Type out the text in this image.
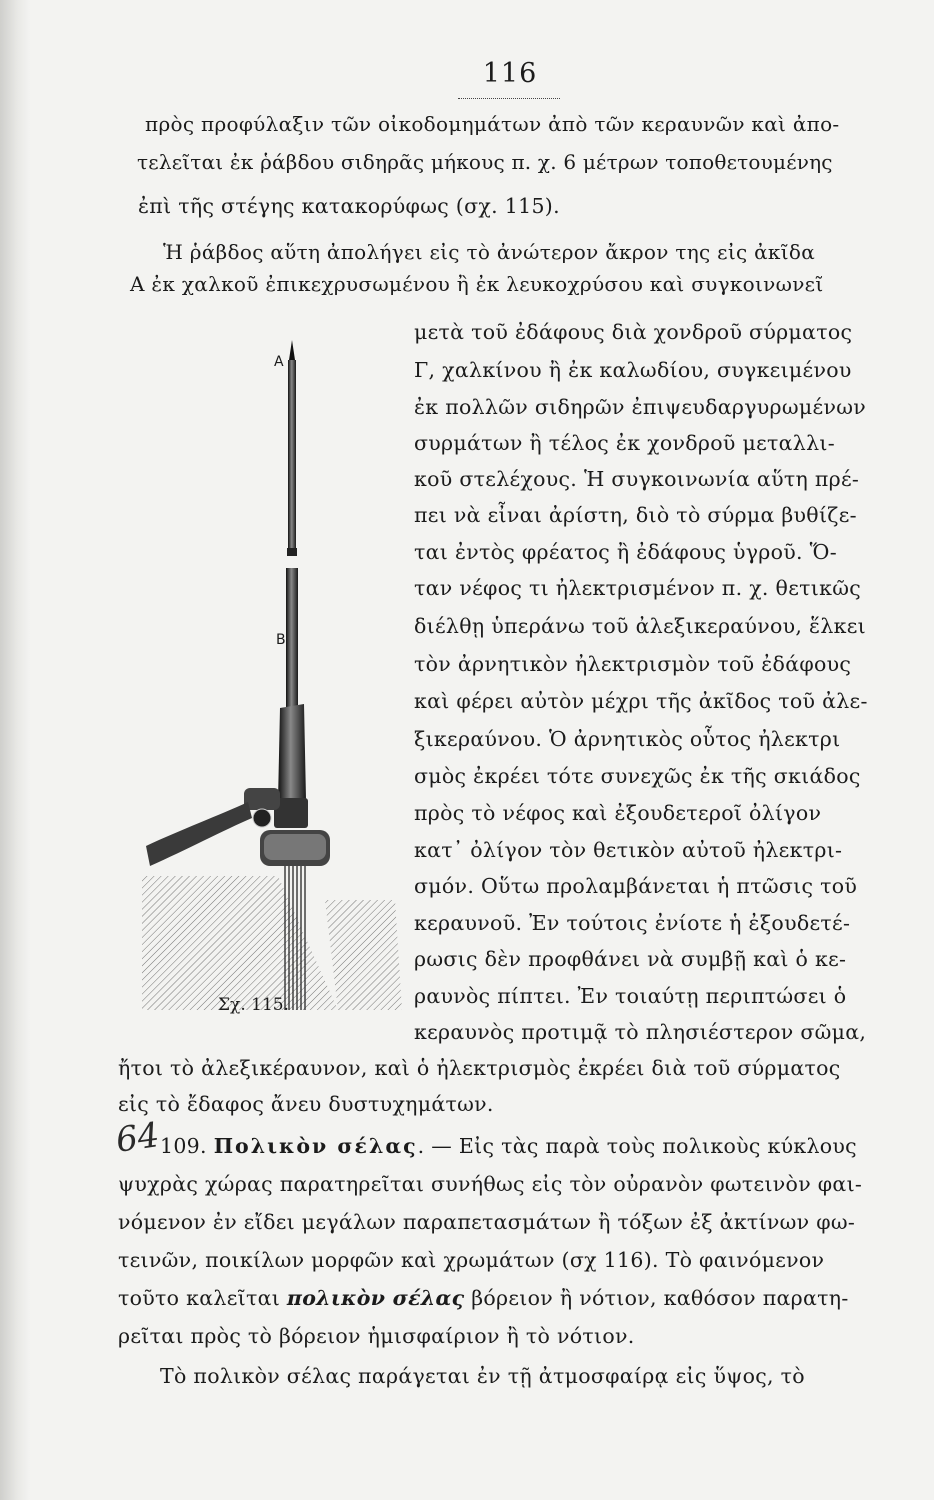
116
πρὸς προφύλαξιν τῶν οἰκοδομημάτων ἀπὸ τῶν κεραυνῶν καὶ ἀπο-
τελεῖται ἐκ ῥάβδου σιδηρᾶς μήκους π. χ. 6 μέτρων τοποθετουμένης
ἐπὶ τῆς στέγης κατακορύφως (σχ. 115).
Ἡ ῥάβδος αὕτη ἀπολήγει εἰς τὸ ἀνώτερον ἄκρον της εἰς ἀκῖδα
Α ἐκ χαλκοῦ ἐπικεχρυσωμένου ἢ ἐκ λευκοχρύσου καὶ συγκοινωνεῖ
A
B
Σχ. 115.
μετὰ τοῦ ἐδάφους διὰ χονδροῦ σύρματος
Γ, χαλκίνου ἢ ἐκ καλωδίου, συγκειμένου
ἐκ πολλῶν σιδηρῶν ἐπιψευδαργυρωμένων
συρμάτων ἢ τέλος ἐκ χονδροῦ μεταλλι-
κοῦ στελέχους. Ἡ συγκοινωνία αὕτη πρέ-
πει νὰ εἶναι ἀρίστη, διὸ τὸ σύρμα βυθίζε-
ται ἐντὸς φρέατος ἢ ἐδάφους ὑγροῦ. Ὅ-
ταν νέφος τι ἠλεκτρισμένον π. χ. θετικῶς
διέλθῃ ὑπεράνω τοῦ ἀλεξικεραύνου, ἕλκει
τὸν ἀρνητικὸν ἠλεκτρισμὸν τοῦ ἐδάφους
καὶ φέρει αὐτὸν μέχρι τῆς ἀκῖδος τοῦ ἀλε-
ξικεραύνου. Ὁ ἀρνητικὸς οὗτος ἠλεκτρι
σμὸς ἐκρέει τότε συνεχῶς ἐκ τῆς σκιάδος
πρὸς τὸ νέφος καὶ ἐξουδετεροῖ ὀλίγον
κατ᾽ ὀλίγον τὸν θετικὸν αὐτοῦ ἠλεκτρι-
σμόν. Οὕτω προλαμβάνεται ἡ πτῶσις τοῦ
κεραυνοῦ. Ἐν τούτοις ἐνίοτε ἡ ἐξουδετέ-
ρωσις δὲν προφθάνει νὰ συμβῇ καὶ ὁ κε-
ραυνὸς πίπτει. Ἐν τοιαύτῃ περιπτώσει ὁ
κεραυνὸς προτιμᾷ τὸ πλησιέστερον σῶμα,
ἤτοι τὸ ἀλεξικέραυνον, καὶ ὁ ἠλεκτρισμὸς ἐκρέει διὰ τοῦ σύρματος
εἰς τὸ ἔδαφος ἄνευ δυστυχημάτων.
64
109. Πολικὸν σέλας. — Εἰς τὰς παρὰ τοὺς πολικοὺς κύκλους
ψυχρὰς χώρας παρατηρεῖται συνήθως εἰς τὸν οὐρανὸν φωτεινὸν φαι-
νόμενον ἐν εἴδει μεγάλων παραπετασμάτων ἢ τόξων ἐξ ἀκτίνων φω-
τεινῶν, ποικίλων μορφῶν καὶ χρωμάτων (σχ 116). Τὸ φαινόμενον
τοῦτο καλεῖται πολικὸν σέλας βόρειον ἢ νότιον, καθόσον παρατη-
ρεῖται πρὸς τὸ βόρειον ἡμισφαίριον ἢ τὸ νότιον.
Τὸ πολικὸν σέλας παράγεται ἐν τῇ ἀτμοσφαίρᾳ εἰς ὕψος, τὸ
